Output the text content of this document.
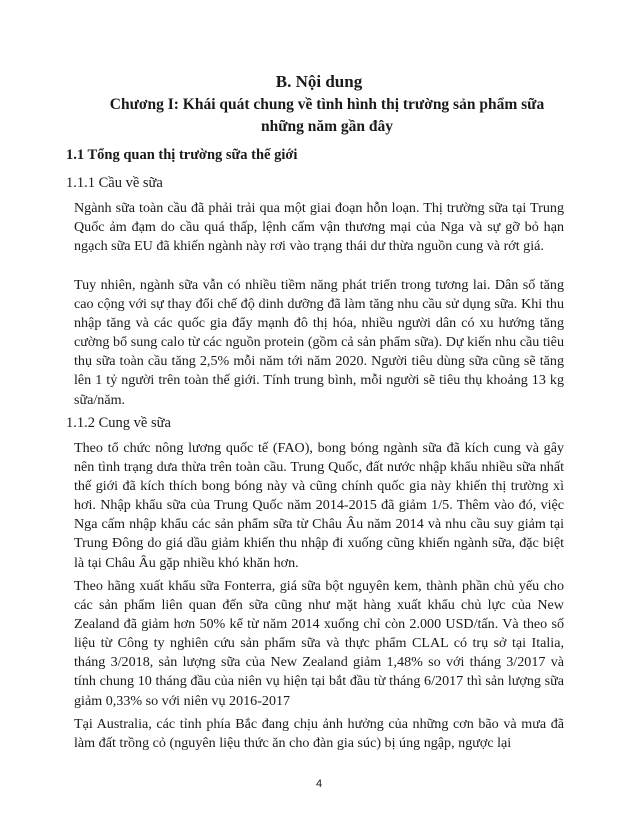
B. Nội dung
Chương I: Khái quát chung về tình hình thị trường sản phẩm sữa những năm gần đây
1.1 Tổng quan thị trường sữa thế giới
1.1.1 Cầu về sữa

Ngành sữa toàn cầu đã phải trải qua một giai đoạn hỗn loạn. Thị trường sữa tại Trung Quốc ảm đạm do cầu quá thấp, lệnh cấm vận thương mại của Nga và sự gỡ bỏ hạn ngạch sữa EU đã khiến ngành này rơi vào trạng thái dư thừa nguồn cung và rớt giá.

Tuy nhiên, ngành sữa vẫn có nhiều tiềm năng phát triển trong tương lai. Dân số tăng cao cộng với sự thay đổi chế độ dinh dưỡng đã làm tăng nhu cầu sử dụng sữa. Khi thu nhập tăng và các quốc gia đẩy mạnh đô thị hóa, nhiều người dân có xu hướng tăng cường bổ sung calo từ các nguồn protein (gồm cả sản phẩm sữa). Dự kiến nhu cầu tiêu thụ sữa toàn cầu tăng 2,5% mỗi năm tới năm 2020. Người tiêu dùng sữa cũng sẽ tăng lên 1 tỷ người trên toàn thế giới. Tính trung bình, mỗi người sẽ tiêu thụ khoảng 13 kg sữa/năm.

1.1.2 Cung về sữa

Theo tổ chức nông lương quốc tế (FAO), bong bóng ngành sữa đã kích cung và gây nên tình trạng dưa thừa trên toàn cầu. Trung Quốc, đất nước nhập khẩu nhiều sữa nhất thế giới đã kích thích bong bóng này và cũng chính quốc gia này khiến thị trường xì hơi. Nhập khẩu sữa của Trung Quốc năm 2014-2015 đã giảm 1/5. Thêm vào đó, việc Nga cấm nhập khẩu các sản phẩm sữa từ Châu Âu năm 2014 và nhu cầu suy giảm tại Trung Đông do giá dầu giảm khiến thu nhập đi xuống cũng khiến ngành sữa, đặc biệt là tại Châu Âu gặp nhiều khó khăn hơn.

Theo hãng xuất khẩu sữa Fonterra, giá sữa bột nguyên kem, thành phần chủ yếu cho các sản phẩm liên quan đến sữa cũng như mặt hàng xuất khẩu chủ lực của New Zealand đã giảm hơn 50% kể từ năm 2014 xuống chỉ còn 2.000 USD/tấn. Và theo số liệu từ Công ty nghiên cứu sản phẩm sữa và thực phẩm CLAL có trụ sở tại Italia, tháng 3/2018, sản lượng sữa của New Zealand giảm 1,48% so với tháng 3/2017 và tính chung 10 tháng đầu của niên vụ hiện tại bắt đầu từ tháng 6/2017 thì sản lượng sữa giảm 0,33% so với niên vụ 2016-2017

Tại Australia, các tỉnh phía Bắc đang chịu ảnh hưởng của những cơn bão và mưa đã làm đất trồng cỏ (nguyên liệu thức ăn cho đàn gia súc) bị úng ngập, ngược lại

4
